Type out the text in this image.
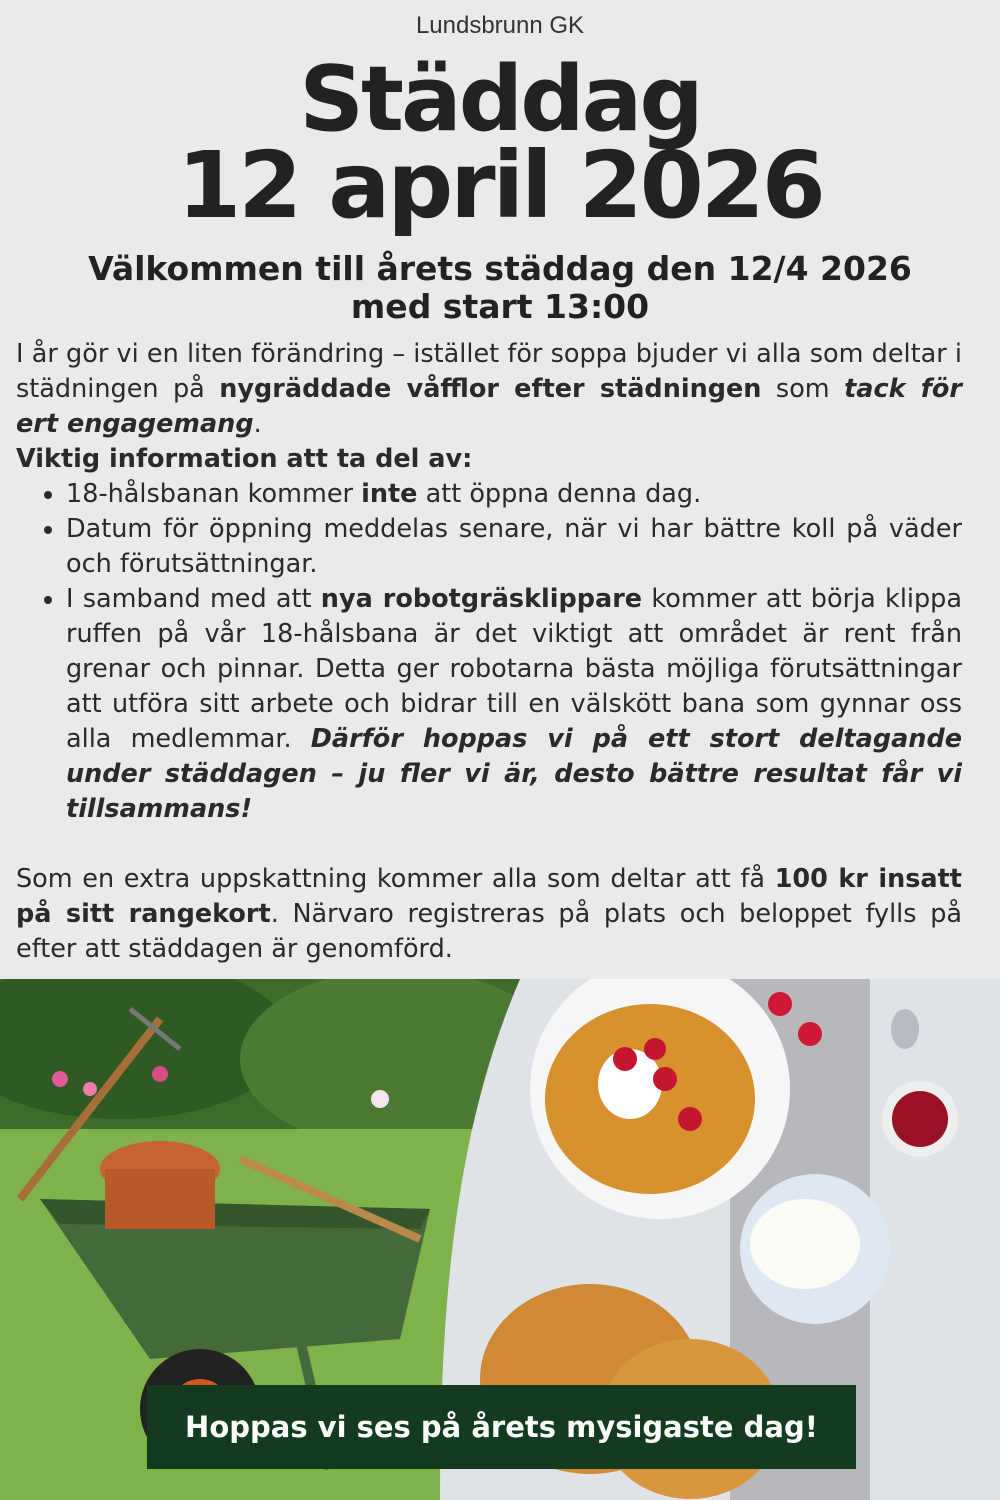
Lundsbrunn GK
Städdag
12 april 2026
Välkommen till årets städdag den 12/4 2026
med start 13:00

I år gör vi en liten förändring – istället för soppa bjuder vi alla som deltar i städningen på nygräddade våfflor efter städningen som tack för ert engagemang.

Viktig information att ta del av:

• 18-hålsbanan kommer inte att öppna denna dag.
• Datum för öppning meddelas senare, när vi har bättre koll på väder och förutsättningar.
• I samband med att nya robotgräsklippare kommer att börja klippa ruffen på vår 18-hålsbana är det viktigt att området är rent från grenar och pinnar. Detta ger robotarna bästa möjliga förutsättningar att utföra sitt arbete och bidrar till en välskött bana som gynnar oss alla medlemmar. Därför hoppas vi på ett stort deltagande under städdagen – ju fler vi är, desto bättre resultat får vi tillsammans!

Som en extra uppskattning kommer alla som deltar att få 100 kr insatt på sitt rangekort. Närvaro registreras på plats och beloppet fylls på efter att städdagen är genomförd.

Hoppas vi ses på årets mysigaste dag!
